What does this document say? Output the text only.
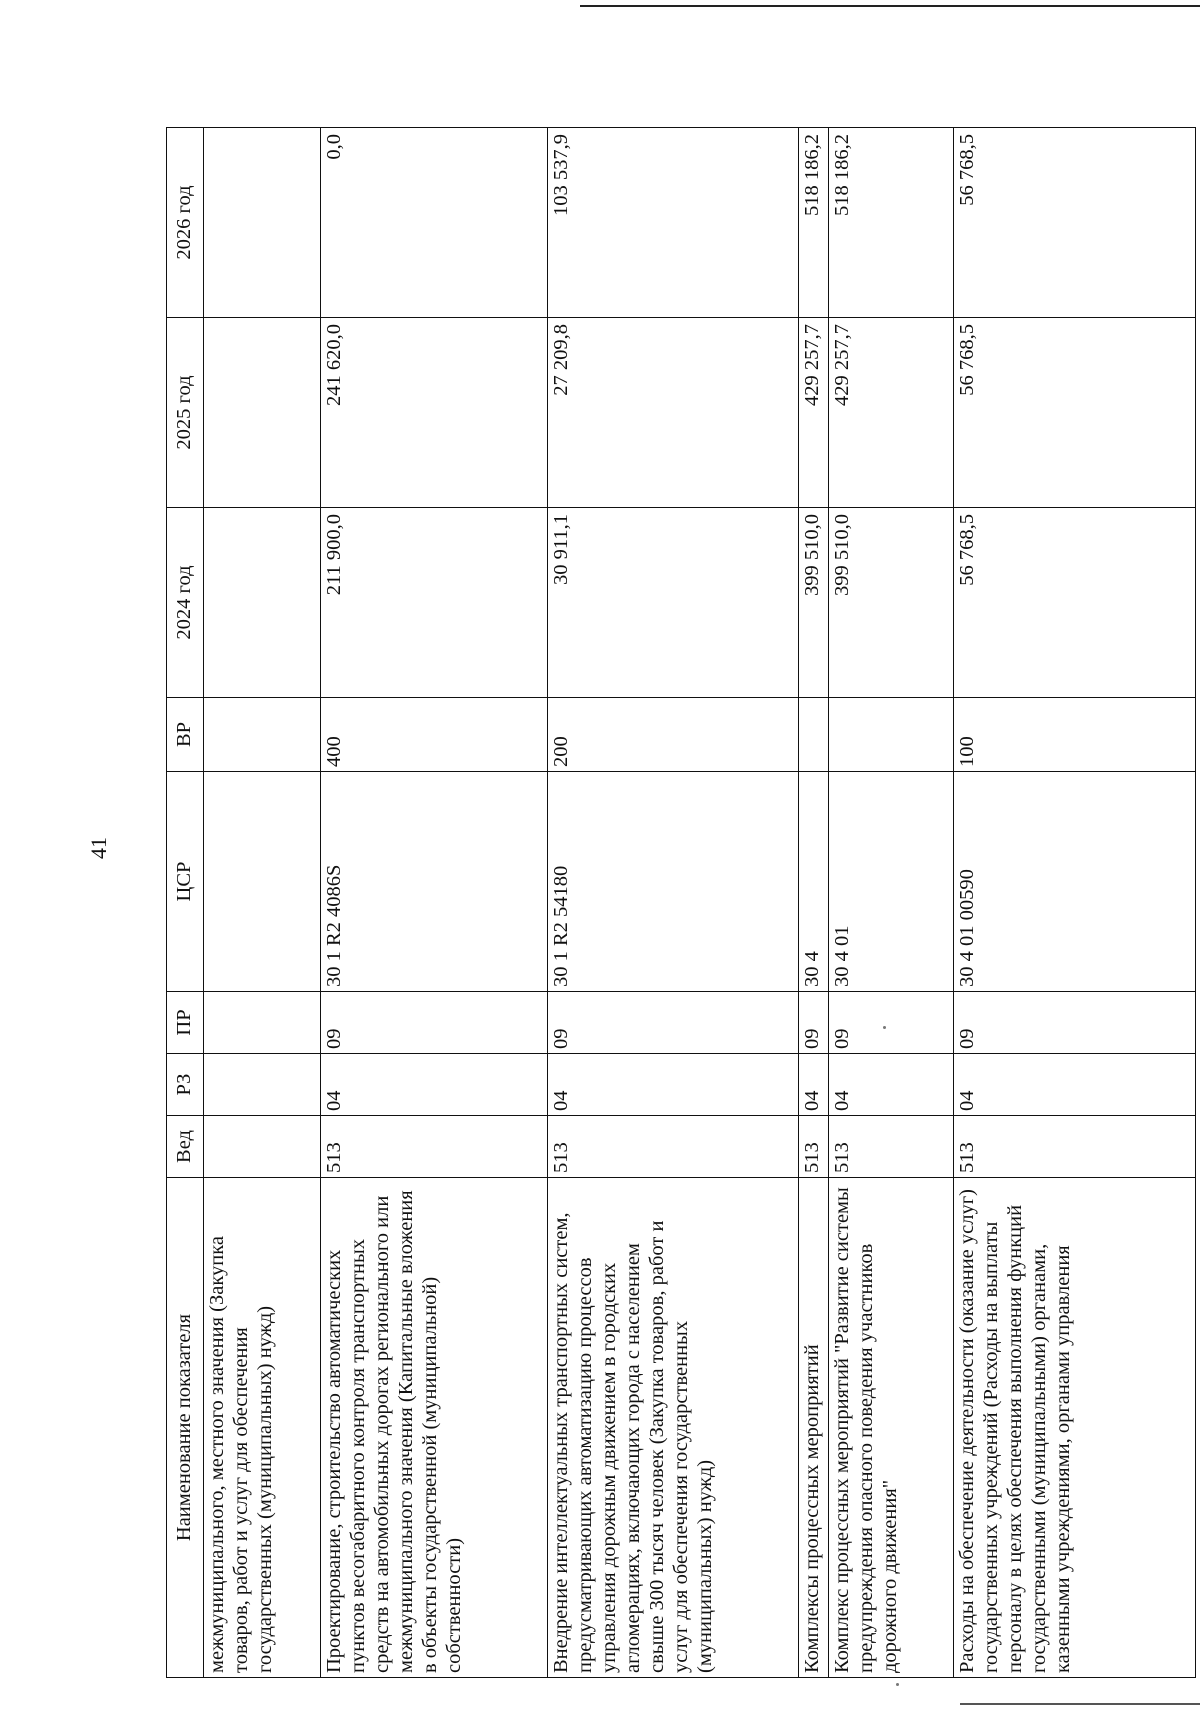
41
Наименование показателя	Вед	РЗ	ПР	ЦСР	ВР	2024 год	2025 год	2026 год
межмуниципального, местного значения (Закупка товаров, работ и услуг для обеспечения государственных (муниципальных) нужд)								
Проектирование, строительство автоматических пунктов весогабаритного контроля транспортных средств на автомобильных дорогах регионального или межмуниципального значения (Капитальные вложения в объекты государственной (муниципальной) собственности)	513	04	09	30 1 R2 4086S	400	211 900,0	241 620,0	0,0
Внедрение интеллектуальных транспортных систем, предусматривающих автоматизацию процессов управления дорожным движением в городских агломерациях, включающих города с населением свыше 300 тысяч человек (Закупка товаров, работ и услуг для обеспечения государственных (муниципальных) нужд)	513	04	09	30 1 R2 54180	200	30 911,1	27 209,8	103 537,9
Комплексы процессных мероприятий	513	04	09	30 4		399 510,0	429 257,7	518 186,2
Комплекс процессных мероприятий "Развитие системы предупреждения опасного поведения участников дорожного движения"	513	04	09	30 4 01		399 510,0	429 257,7	518 186,2
Расходы на обеспечение деятельности (оказание услуг) государственных учреждений (Расходы на выплаты персоналу в целях обеспечения выполнения функций государственными (муниципальными) органами, казенными учреждениями, органами управления	513	04	09	30 4 01 00590	100	56 768,5	56 768,5	56 768,5
